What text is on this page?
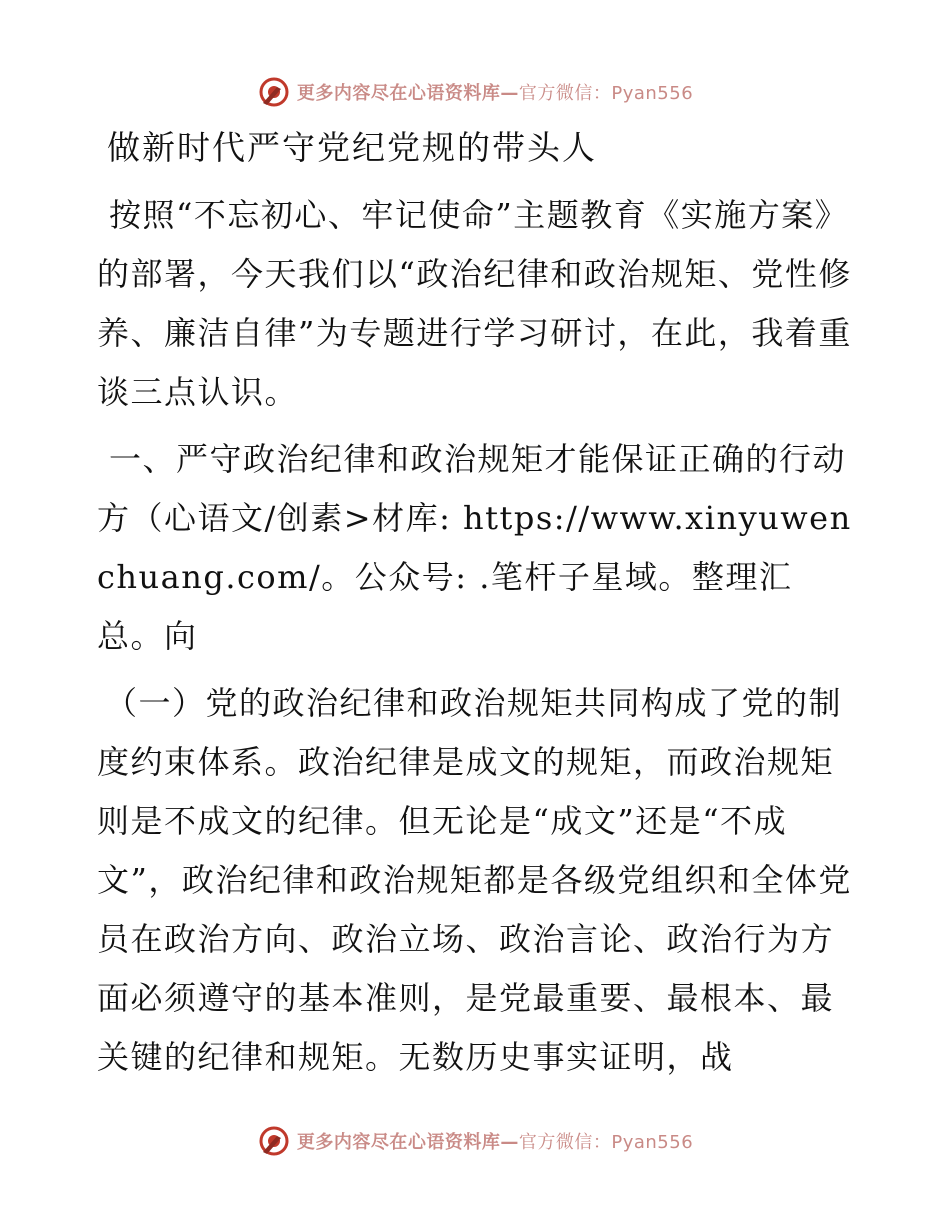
更多内容尽在心语资料库—官方微信：Pyan556
做新时代严守党纪党规的带头人

按照“不忘初心、牢记使命”主题教育《实施方案》的部署，今天我们以“政治纪律和政治规矩、党性修养、廉洁自律”为专题进行学习研讨，在此，我着重谈三点认识。

一、严守政治纪律和政治规矩才能保证正确的行动方（心语文/创素>材库: https://www.xinyuwenchuang.com/。公众号: .笔杆子星域。整理汇总。向

（一）党的政治纪律和政治规矩共同构成了党的制度约束体系。政治纪律是成文的规矩，而政治规矩则是不成文的纪律。但无论是“成文”还是“不成文”，政治纪律和政治规矩都是各级党组织和全体党员在政治方向、政治立场、政治言论、政治行为方面必须遵守的基本准则，是党最重要、最根本、最关键的纪律和规矩。无数历史事实证明，战

更多内容尽在心语资料库—官方微信：Pyan556
